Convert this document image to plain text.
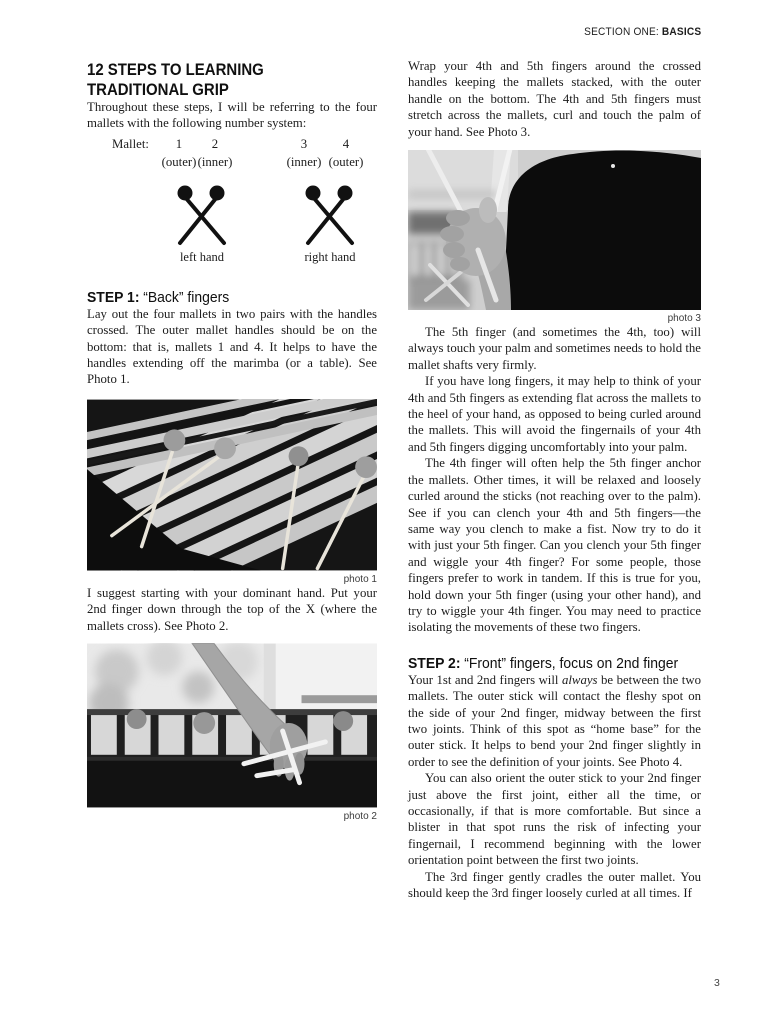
SECTION ONE: BASICS
12 STEPS TO LEARNING
TRADITIONAL GRIP

Throughout these steps, I will be referring to the four mallets with the following number system:

Mallet: 1 2	3	4
(outer) (inner)	(inner) (outer)
left hand	right hand
STEP 1: “Back” fingers

Lay out the four mallets in two pairs with the handles crossed. The outer mallet handles should be on the bottom: that is, mallets 1 and 4. It helps to have the handles extending off the marimba (or a table). See Photo 1.

photo 1

I suggest starting with your dominant hand. Put your 2nd finger down through the top of the X (where the mallets cross). See Photo 2.

photo 2

Wrap your 4th and 5th fingers around the crossed handles keeping the mallets stacked, with the outer handle on the bottom. The 4th and 5th fingers must stretch across the mallets, curl and touch the palm of your hand. See Photo 3.

photo 3

The 5th finger (and sometimes the 4th, too) will always touch your palm and sometimes needs to hold the mallet shafts very firmly.

If you have long fingers, it may help to think of your 4th and 5th fingers as extending flat across the mallets to the heel of your hand, as opposed to being curled around the mallets. This will avoid the fingernails of your 4th and 5th fingers digging uncomfortably into your palm.

The 4th finger will often help the 5th finger anchor the mallets. Other times, it will be relaxed and loosely curled around the sticks (not reaching over to the palm). See if you can clench your 4th and 5th fingers—the same way you clench to make a fist. Now try to do it with just your 5th finger. Can you clench your 5th finger and wiggle your 4th finger? For some people, those fingers prefer to work in tandem. If this is true for you, hold down your 5th finger (using your other hand), and try to wiggle your 4th finger. You may need to practice isolating the movements of these two fingers.

STEP 2: “Front” fingers, focus on 2nd finger

Your 1st and 2nd fingers will always be between the two mallets. The outer stick will contact the fleshy spot on the side of your 2nd finger, midway between the first two joints. Think of this spot as “home base” for the outer stick. It helps to bend your 2nd finger slightly in order to see the definition of your joints. See Photo 4.

You can also orient the outer stick to your 2nd finger just above the first joint, either all the time, or occasionally, if that is more comfortable. But since a blister in that spot runs the risk of infecting your fingernail, I recommend beginning with the lower orientation point between the first two joints.

The 3rd finger gently cradles the outer mallet. You should keep the 3rd finger loosely curled at all times. If

3
